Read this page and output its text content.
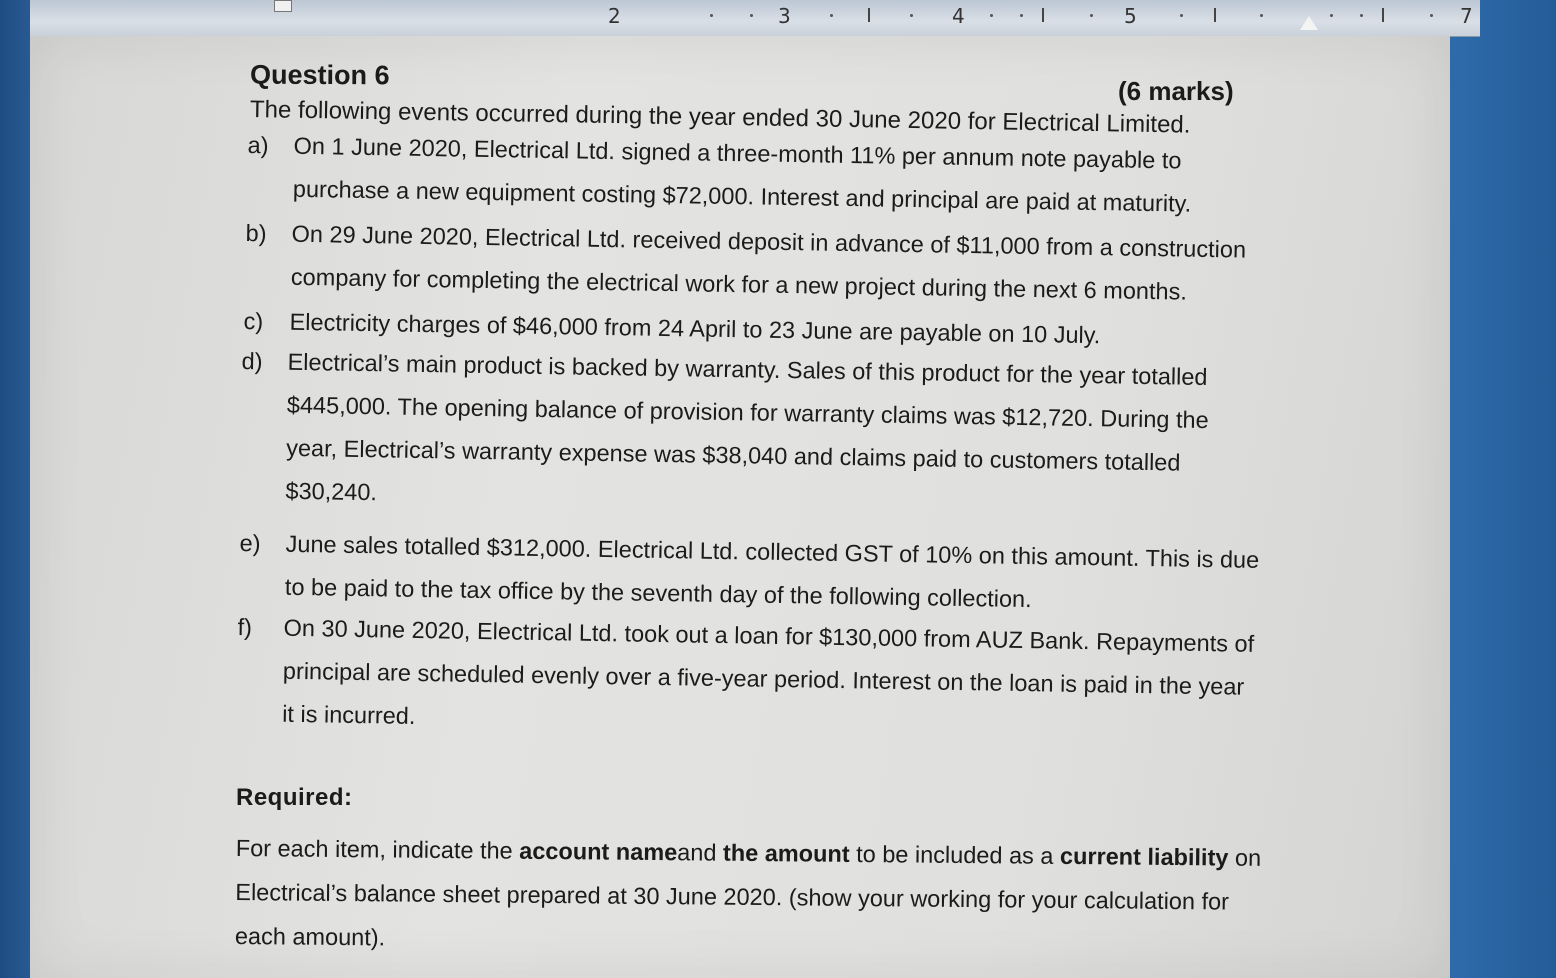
2	3	4	5	7
Question 6
(6 marks)
The following events occurred during the year ended 30 June 2020 for Electrical Limited.
a)	On 1 June 2020, Electrical Ltd. signed a three-month 11% per annum note payable to
purchase a new equipment costing $72,000. Interest and principal are paid at maturity.
b)	On 29 June 2020, Electrical Ltd. received deposit in advance of $11,000 from a construction
company for completing the electrical work for a new project during the next 6 months.
c)	Electricity charges of $46,000 from 24 April to 23 June are payable on 10 July.
d)	Electrical’s main product is backed by warranty. Sales of this product for the year totalled
$445,000. The opening balance of provision for warranty claims was $12,720. During the
year, Electrical’s warranty expense was $38,040 and claims paid to customers totalled
$30,240.
e)	June sales totalled $312,000. Electrical Ltd. collected GST of 10% on this amount. This is due
to be paid to the tax office by the seventh day of the following collection.
f)	On 30 June 2020, Electrical Ltd. took out a loan for $130,000 from AUZ Bank. Repayments of
principal are scheduled evenly over a five-year period. Interest on the loan is paid in the year
it is incurred.
Required:
For each item, indicate the account nameand the amount to be included as a current liability on
Electrical’s balance sheet prepared at 30 June 2020. (show your working for your calculation for
each amount).
